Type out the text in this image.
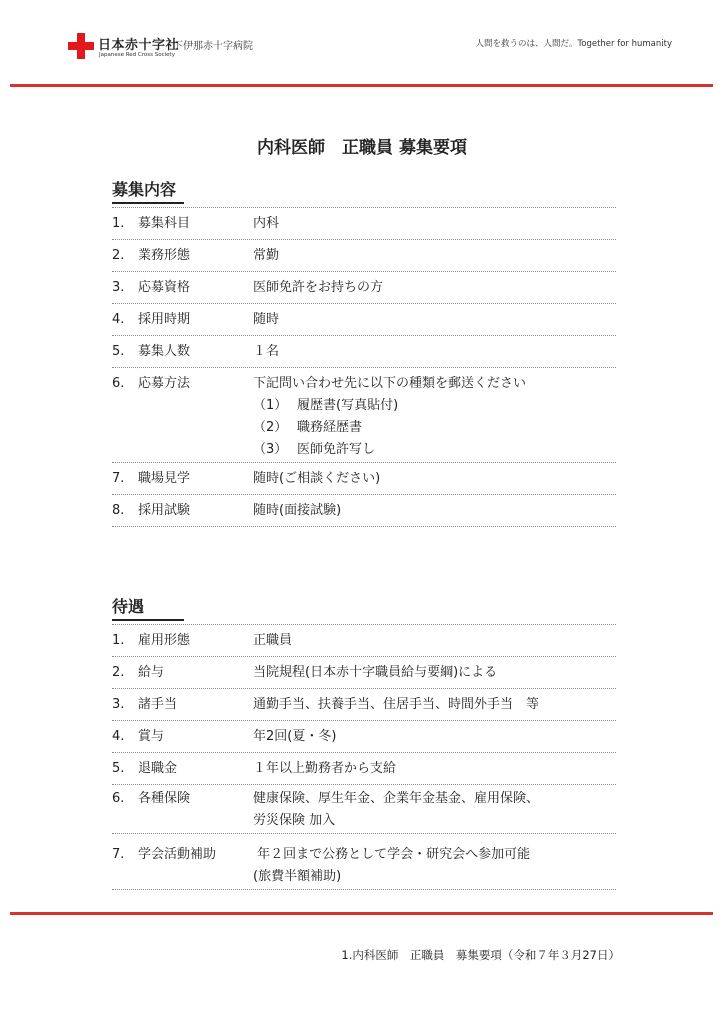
日本赤十字社
Japanese Red Cross Society
下伊那赤十字病院	人間を救うのは、人間だ。Together for humanity
内科医師　正職員 募集要項
募集内容
1.	募集科目	内科
2.	業務形態	常勤
3.	応募資格	医師免許をお持ちの方
4.	採用時期	随時
5.	募集人数	１名
6.	応募方法	下記問い合わせ先に以下の種類を郵送ください
（1） 履歴書(写真貼付)
（2） 職務経歴書
（3） 医師免許写し
7.	職場見学	随時(ご相談ください)
8.	採用試験	随時(面接試験)
待遇
1.	雇用形態	正職員
2.	給与	当院規程(日本赤十字職員給与要綱)による
3.	諸手当	通勤手当、扶養手当、住居手当、時間外手当　等
4.	賞与	年2回(夏・冬)
5.	退職金	１年以上勤務者から支給
6.	各種保険	健康保険、厚生年金、企業年金基金、雇用保険、
労災保険 加入
7.	学会活動補助	年２回まで公務として学会・研究会へ参加可能
(旅費半額補助)
1.内科医師　正職員　募集要項（令和７年３月27日）
